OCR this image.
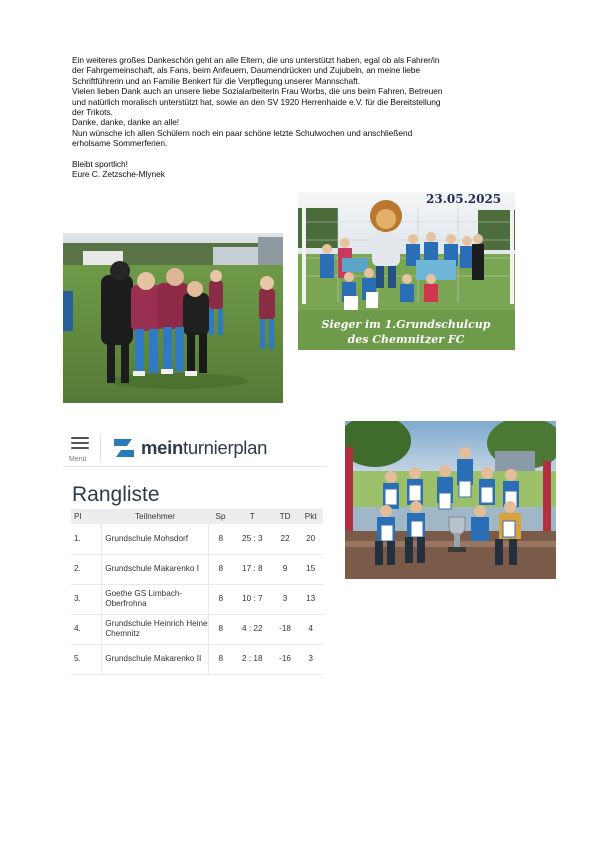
Ein weiteres großes Dankeschön geht an alle Eltern, die uns unterstützt haben, egal ob als Fahrer/in

der Fahrgemeinschaft, als Fans, beim Anfeuern, Daumendrücken und Zujubeln, an meine liebe

Schriftführerin und an Familie Benkert für die Verpflegung unserer Mannschaft.

Vielen lieben Dank auch an unsere liebe Sozialarbeiterin Frau Worbs, die uns beim Fahren, Betreuen

und natürlich moralisch unterstützt hat, sowie an den SV 1920 Herrenhaide e.V. für die Bereitstellung

der Trikots.

Danke, danke, danke an alle!

Nun wünsche ich allen Schülern noch ein paar schöne letzte Schulwochen und anschließend

erholsame Sommerferien.

Bleibt sportlich!

Eure C. Zetzsche-Mlynek

23.05.2025
Sieger im 1.Grundschulcup
des Chemnitzer FC
Menü
meinturnierplan
Rangliste
Pl	Teilnehmer	Sp	T	TD	Pkt
1.	Grundschule Mohsdorf	8	25 : 3	22	20
2.	Grundschule Makarenko I	8	17 : 8	9	15
3.	Goethe GS Limbach-Oberfrohna	8	10 : 7	3	13
4.	Grundschule Heinrich Heine Chemnitz	8	4 : 22	-18	4
5.	Grundschule Makarenko II	8	2 : 18	-16	3
